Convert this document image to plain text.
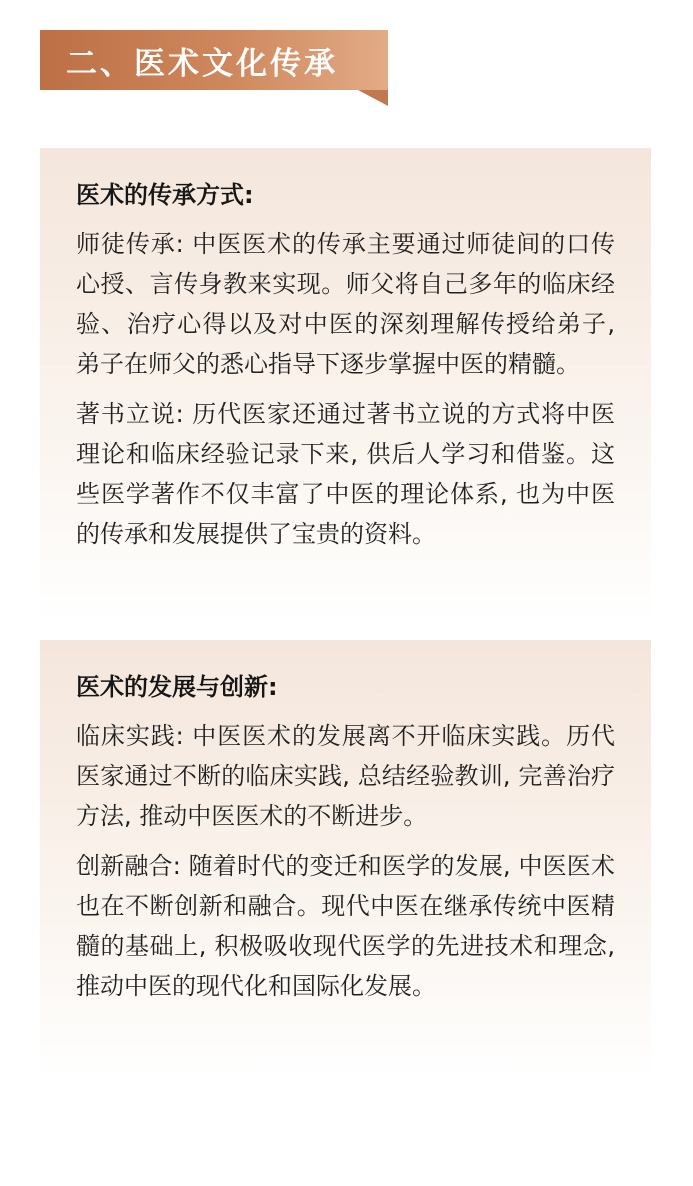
二、医术文化传承
医术的传承方式:

师徒传承: 中医医术的传承主要通过师徒间的口传心授、言传身教来实现。师父将自己多年的临床经验、治疗心得以及对中医的深刻理解传授给弟子, 弟子在师父的悉心指导下逐步掌握中医的精髓。

著书立说: 历代医家还通过著书立说的方式将中医理论和临床经验记录下来, 供后人学习和借鉴。这些医学著作不仅丰富了中医的理论体系, 也为中医的传承和发展提供了宝贵的资料。

医术的发展与创新:

临床实践: 中医医术的发展离不开临床实践。历代医家通过不断的临床实践, 总结经验教训, 完善治疗方法, 推动中医医术的不断进步。

创新融合: 随着时代的变迁和医学的发展, 中医医术也在不断创新和融合。现代中医在继承传统中医精髓的基础上, 积极吸收现代医学的先进技术和理念, 推动中医的现代化和国际化发展。
